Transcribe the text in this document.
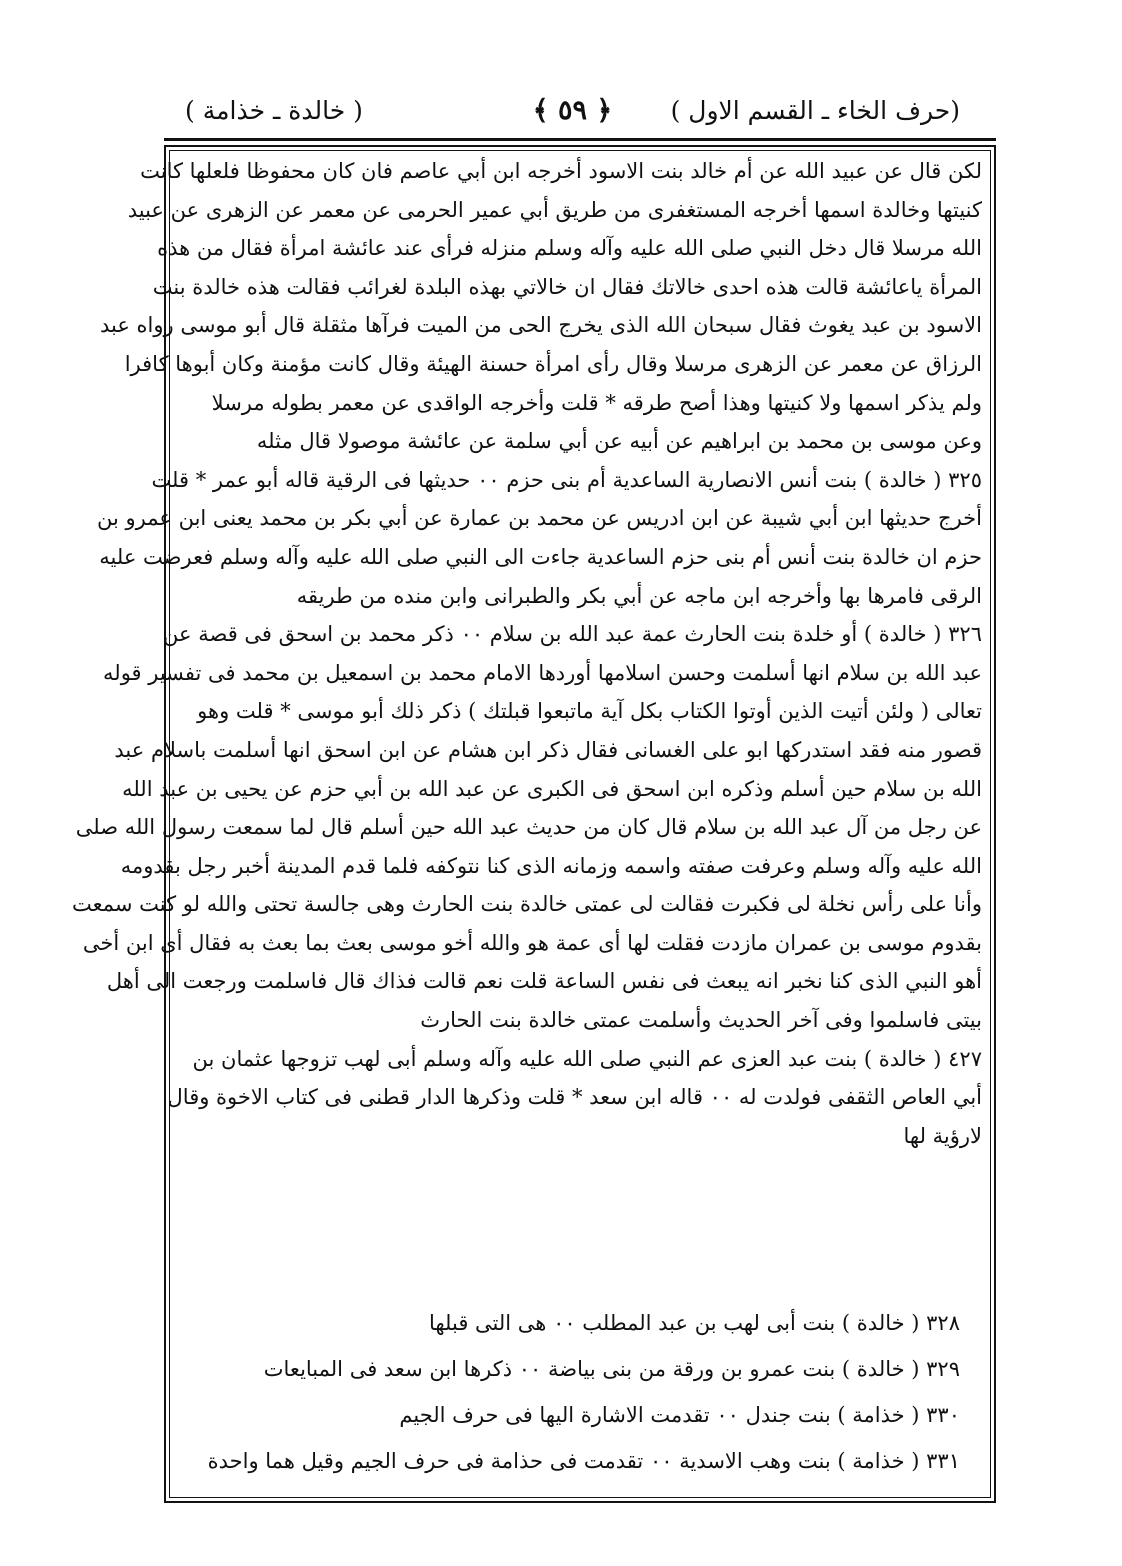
(حرف الخاء ـ القسم الاول )
﴿ ٥٩ ﴾
( خالدة ـ خذامة )
لكن قال عن عبيد الله عن أم خالد بنت الاسود أخرجه ابن أبي عاصم فان كان محفوظا فلعلها كانت
كنيتها وخالدة اسمها أخرجه المستغفرى من طريق أبي عمير الحرمى عن معمر عن الزهرى عن عبيد
الله مرسلا قال دخل النبي صلى الله عليه وآله وسلم منزله فرأى عند عائشة امرأة فقال من هذه
المرأة ياعائشة قالت هذه احدى خالاتك فقال ان خالاتي بهذه البلدة لغرائب فقالت هذه خالدة بنت
الاسود بن عبد يغوث فقال سبحان الله الذى يخرج الحى من الميت فرآها مثقلة قال أبو موسى رواه عبد
الرزاق عن معمر عن الزهرى مرسلا وقال رأى امرأة حسنة الهيئة وقال كانت مؤمنة وكان أبوها كافرا
ولم يذكر اسمها ولا كنيتها وهذا أصح طرقه * قلت وأخرجه الواقدى عن معمر بطوله مرسلا
وعن موسى بن محمد بن ابراهيم عن أبيه عن أبي سلمة عن عائشة موصولا قال مثله
٣٢٥ ( خالدة ) بنت أنس الانصارية الساعدية أم بنى حزم ٠٠ حديثها فى الرقية قاله أبو عمر * قلت
أخرج حديثها ابن أبي شيبة عن ابن ادريس عن محمد بن عمارة عن أبي بكر بن محمد يعنى ابن عمرو بن
حزم ان خالدة بنت أنس أم بنى حزم الساعدية جاءت الى النبي صلى الله عليه وآله وسلم فعرضت عليه
الرقى فامرها بها وأخرجه ابن ماجه عن أبي بكر والطبرانى وابن منده من طريقه
٣٢٦ ( خالدة ) أو خلدة بنت الحارث عمة عبد الله بن سلام ٠٠ ذكر محمد بن اسحق فى قصة عن
عبد الله بن سلام انها أسلمت وحسن اسلامها أوردها الامام محمد بن اسمعيل بن محمد فى تفسير قوله
تعالى ( ولئن أتيت الذين أوتوا الكتاب بكل آية ماتبعوا قبلتك ) ذكر ذلك أبو موسى * قلت وهو
قصور منه فقد استدركها ابو على الغسانى فقال ذكر ابن هشام عن ابن اسحق انها أسلمت باسلام عبد
الله بن سلام حين أسلم وذكره ابن اسحق فى الكبرى عن عبد الله بن أبي حزم عن يحيى بن عبد الله
عن رجل من آل عبد الله بن سلام قال كان من حديث عبد الله حين أسلم قال لما سمعت رسول الله صلى
الله عليه وآله وسلم وعرفت صفته واسمه وزمانه الذى كنا نتوكفه فلما قدم المدينة أخبر رجل بقدومه
وأنا على رأس نخلة لى فكبرت فقالت لى عمتى خالدة بنت الحارث وهى جالسة تحتى والله لو كنت سمعت
بقدوم موسى بن عمران مازدت فقلت لها أى عمة هو والله أخو موسى بعث بما بعث به فقال أى ابن أخى
أهو النبي الذى كنا نخبر انه يبعث فى نفس الساعة قلت نعم قالت فذاك قال فاسلمت ورجعت الى أهل
بيتى فاسلموا وفى آخر الحديث وأسلمت عمتى خالدة بنت الحارث
٤٢٧ ( خالدة ) بنت عبد العزى عم النبي صلى الله عليه وآله وسلم أبى لهب تزوجها عثمان بن
أبي العاص الثقفى فولدت له ٠٠ قاله ابن سعد * قلت وذكرها الدار قطنى فى كتاب الاخوة وقال
لارؤية لها
٣٢٨ ( خالدة ) بنت أبى لهب بن عبد المطلب ٠٠ هى التى قبلها
٣٢٩ ( خالدة ) بنت عمرو بن ورقة من بنى بياضة ٠٠ ذكرها ابن سعد فى المبايعات
٣٣٠ ( خذامة ) بنت جندل ٠٠ تقدمت الاشارة اليها فى حرف الجيم
٣٣١ ( خذامة ) بنت وهب الاسدية ٠٠ تقدمت فى حذامة فى حرف الجيم وقيل هما واحدة
